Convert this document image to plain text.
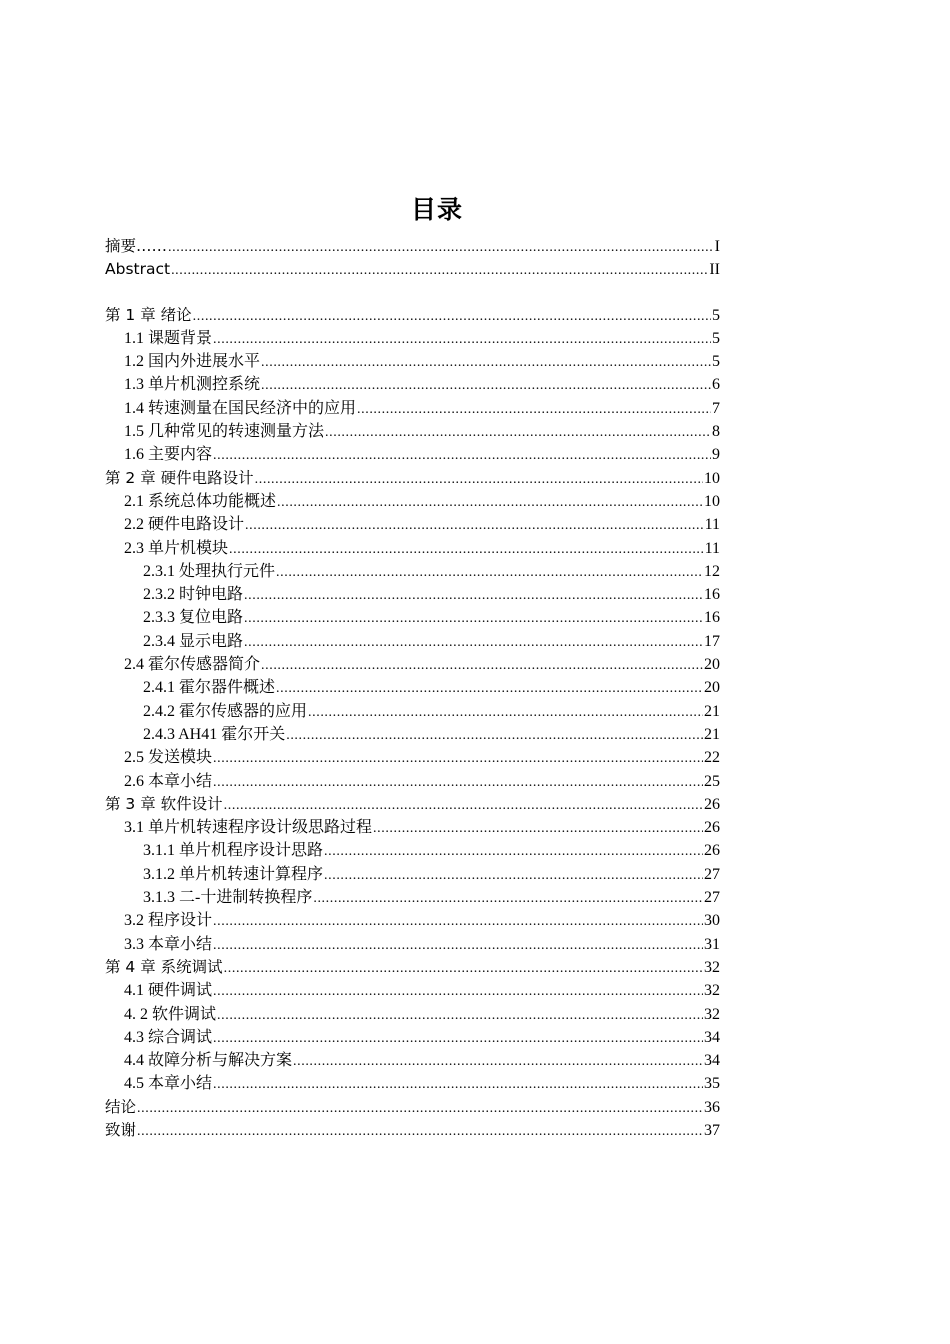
目录
摘要…… .....	I
Abstract .....	II
第 1 章 绪论 .....	5
1.1 课题背景 .....	5
1.2 国内外进展水平 .....	5
1.3 单片机测控系统 .....	6
1.4 转速测量在国民经济中的应用 .....	7
1.5 几种常见的转速测量方法 .....	8
1.6 主要内容 .....	9
第 2 章 硬件电路设计 .....	10
2.1 系统总体功能概述 .....	10
2.2 硬件电路设计 .....	11
2.3 单片机模块 .....	11
2.3.1 处理执行元件 .....	12
2.3.2 时钟电路 .....	16
2.3.3 复位电路 .....	16
2.3.4 显示电路 .....	17
2.4 霍尔传感器简介 .....	20
2.4.1 霍尔器件概述 .....	20
2.4.2 霍尔传感器的应用 .....	21
2.4.3 AH41 霍尔开关 .....	21
2.5 发送模块 .....	22
2.6 本章小结 .....	25
第 3 章 软件设计 .....	26
3.1 单片机转速程序设计级思路过程 .....	26
3.1.1 单片机程序设计思路 .....	26
3.1.2 单片机转速计算程序 .....	27
3.1.3 二-十进制转换程序 .....	27
3.2 程序设计 .....	30
3.3 本章小结 .....	31
第 4 章 系统调试 .....	32
4.1 硬件调试 .....	32
4. 2 软件调试 .....	32
4.3 综合调试 .....	34
4.4 故障分析与解决方案 .....	34
4.5 本章小结 .....	35
结论 .....	36
致谢 .....	37
